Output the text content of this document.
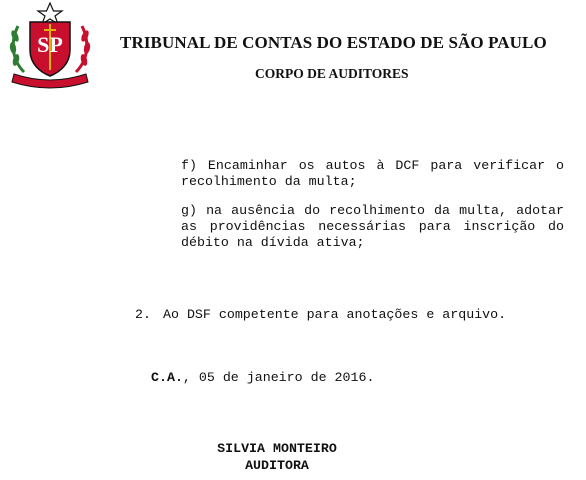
SP	TRIBUNAL DE CONTAS DO ESTADO DE SÃO PAULO
CORPO DE AUDITORES
f) Encaminhar os autos à DCF para verificar o recolhimento da multa;
g) na ausência do recolhimento da multa, adotar as providências necessárias para inscrição do débito na dívida ativa;
2. Ao DSF competente para anotações e arquivo.
C.A., 05 de janeiro de 2016.
SILVIA MONTEIRO
AUDITORA
